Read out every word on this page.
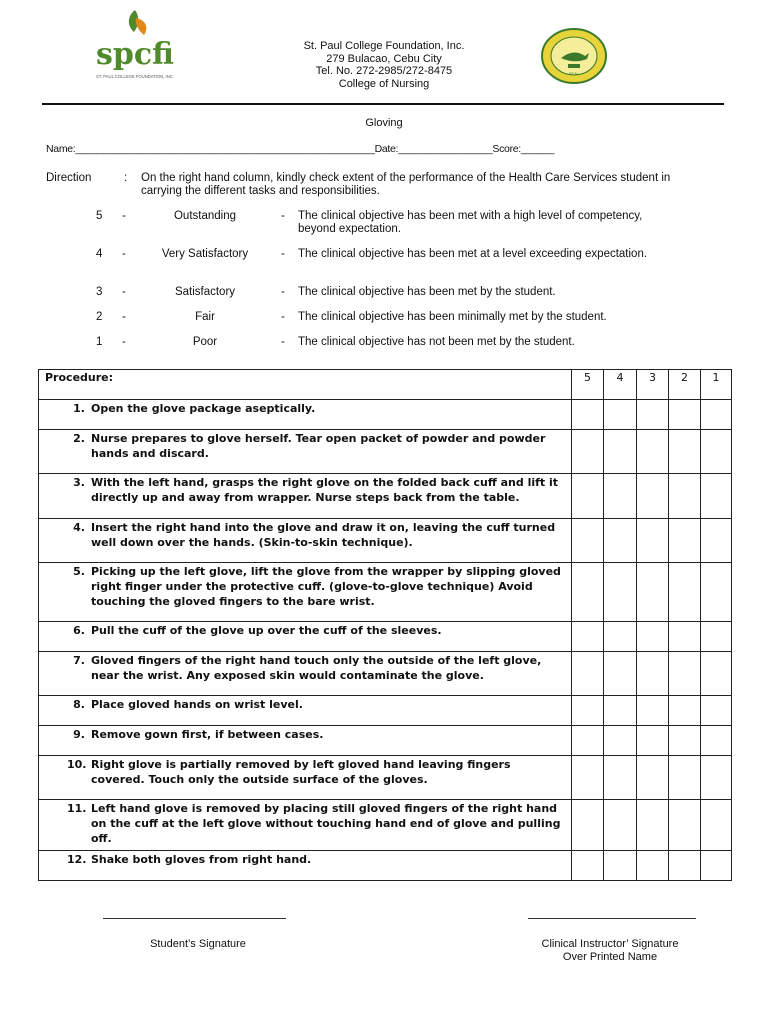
spcfi
ST. PAUL COLLEGE FOUNDATION, INC.
SEAL
St. Paul College Foundation, Inc.
279 Bulacao, Cebu City
Tel. No. 272-2985/272-8475
College of Nursing
Gloving
Name:______________________________________________________Date:_________________Score:______
Direction	: On the right hand column, kindly check extent of the performance of the Health Care Services student in carrying the different tasks and responsibilities.
5 -	Outstanding	- The clinical objective has been met with a high level of competency, beyond expectation.
4 -	Very Satisfactory	- The clinical objective has been met at a level exceeding expectation.
3 -	Satisfactory	- The clinical objective has been met by the student.
2 -	Fair	- The clinical objective has been minimally met by the student.
1 -	Poor	- The clinical objective has not been met by the student.
Procedure:	5	4	3	2	1

1. Open the glove package aseptically.					

2. Nurse prepares to glove herself. Tear open packet of powder and powder hands and discard.					

3. With the left hand, grasps the right glove on the folded back cuff and lift it directly up and away from wrapper. Nurse steps back from the table.					

4. Insert the right hand into the glove and draw it on, leaving the cuff turned well down over the hands. (Skin-to-skin technique).					

5. Picking up the left glove, lift the glove from the wrapper by slipping gloved right finger under the protective cuff. (glove-to-glove technique) Avoid touching the gloved fingers to the bare wrist.					

6. Pull the cuff of the glove up over the cuff of the sleeves.					

7. Gloved fingers of the right hand touch only the outside of the left glove, near the wrist. Any exposed skin would contaminate the glove.					

8. Place gloved hands on wrist level.					

9. Remove gown first, if between cases.					

10. Right glove is partially removed by left gloved hand leaving fingers covered. Touch only the outside surface of the gloves.					

11. Left hand glove is removed by placing still gloved fingers of the right hand on the cuff at the left glove without touching hand end of glove and pulling off.					

12. Shake both gloves from right hand.					

Student’s Signature	Clinical Instructor’ Signature
Over Printed Name
